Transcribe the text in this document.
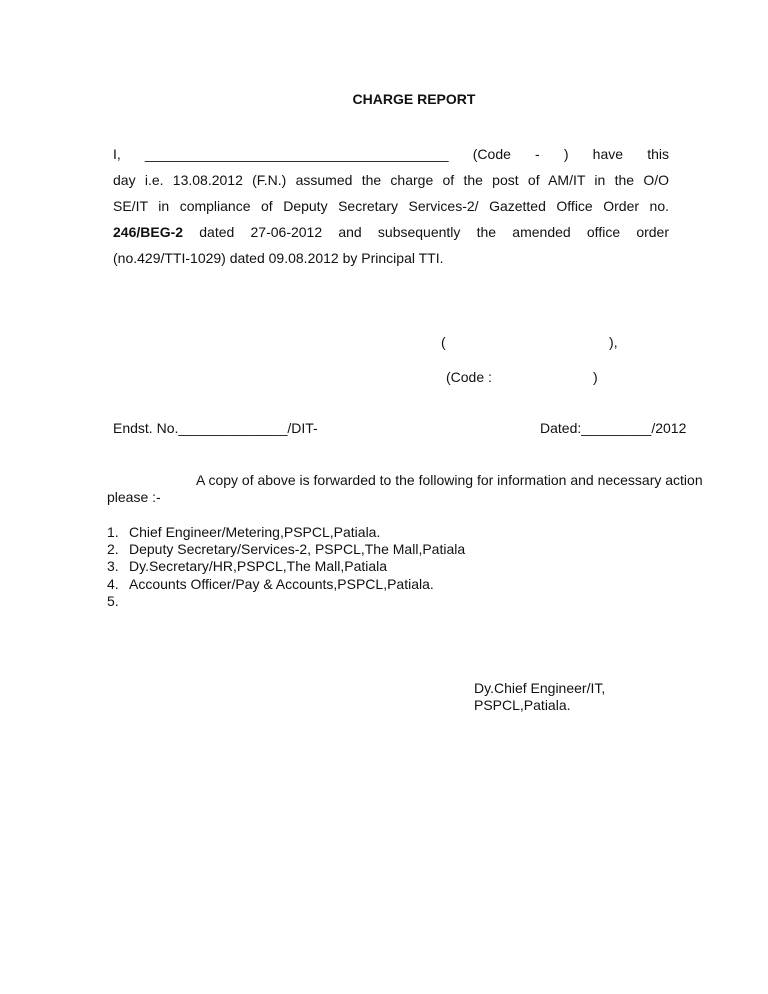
CHARGE REPORT
I, _______________________________________ (Code - ) have this
day i.e. 13.08.2012 (F.N.) assumed the charge of the post of AM/IT in the O/O
SE/IT in compliance of Deputy Secretary Services-2/ Gazetted Office Order no.
246/BEG-2 dated 27-06-2012 and subsequently the amended office order
(no.429/TTI-1029) dated 09.08.2012 by Principal TTI.
(                                          ),
(Code :                          )
Endst. No.______________/DIT-	Dated:_________/2012
A copy of above is forwarded to the following for information and necessary action
please :-
1. Chief Engineer/Metering,PSPCL,Patiala.
2. Deputy Secretary/Services-2, PSPCL,The Mall,Patiala
3. Dy.Secretary/HR,PSPCL,The Mall,Patiala
4. Accounts Officer/Pay & Accounts,PSPCL,Patiala.
5.
Dy.Chief Engineer/IT,
PSPCL,Patiala.
